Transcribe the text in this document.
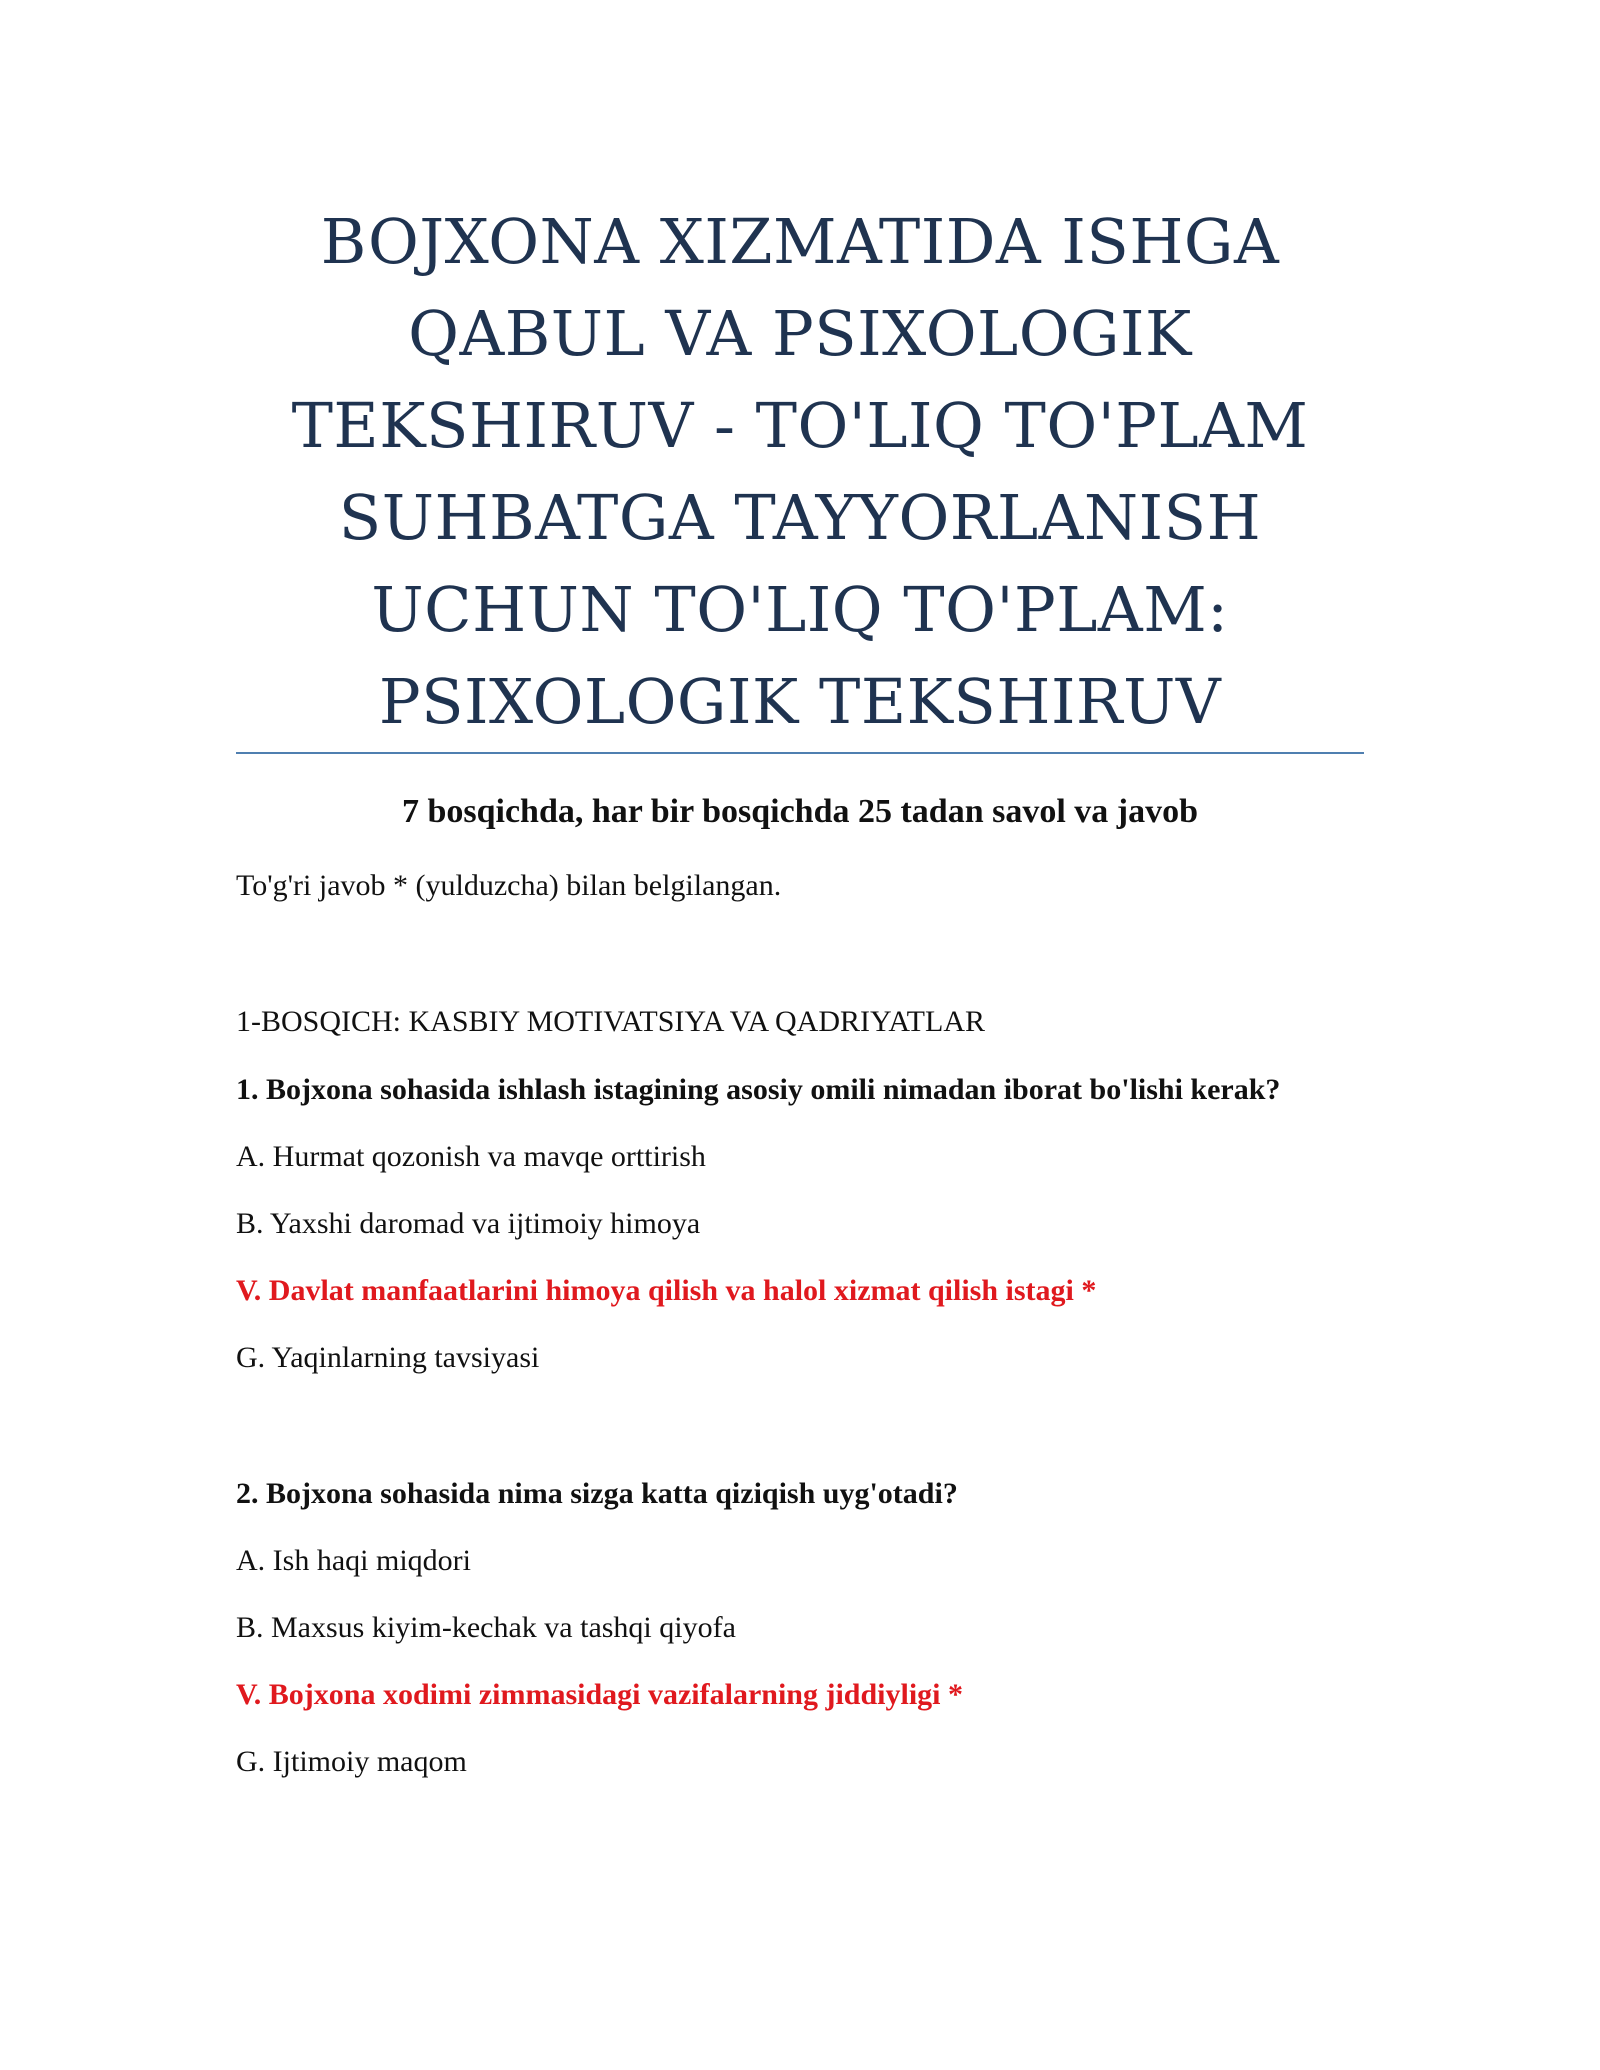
BOJXONA XIZMATIDA ISHGA
QABUL VA PSIXOLOGIK
TEKSHIRUV - TO'LIQ TO'PLAM
SUHBATGA TAYYORLANISH
UCHUN TO'LIQ TO'PLAM:
PSIXOLOGIK TEKSHIRUV
7 bosqichda, har bir bosqichda 25 tadan savol va javob
To'g'ri javob * (yulduzcha) bilan belgilangan.
1-BOSQICH: KASBIY MOTIVATSIYA VA QADRIYATLAR
1. Bojxona sohasida ishlash istagining asosiy omili nimadan iborat bo'lishi kerak?
A. Hurmat qozonish va mavqe orttirish
B. Yaxshi daromad va ijtimoiy himoya
V. Davlat manfaatlarini himoya qilish va halol xizmat qilish istagi *
G. Yaqinlarning tavsiyasi
2. Bojxona sohasida nima sizga katta qiziqish uyg'otadi?
A. Ish haqi miqdori
B. Maxsus kiyim-kechak va tashqi qiyofa
V. Bojxona xodimi zimmasidagi vazifalarning jiddiyligi *
G. Ijtimoiy maqom
